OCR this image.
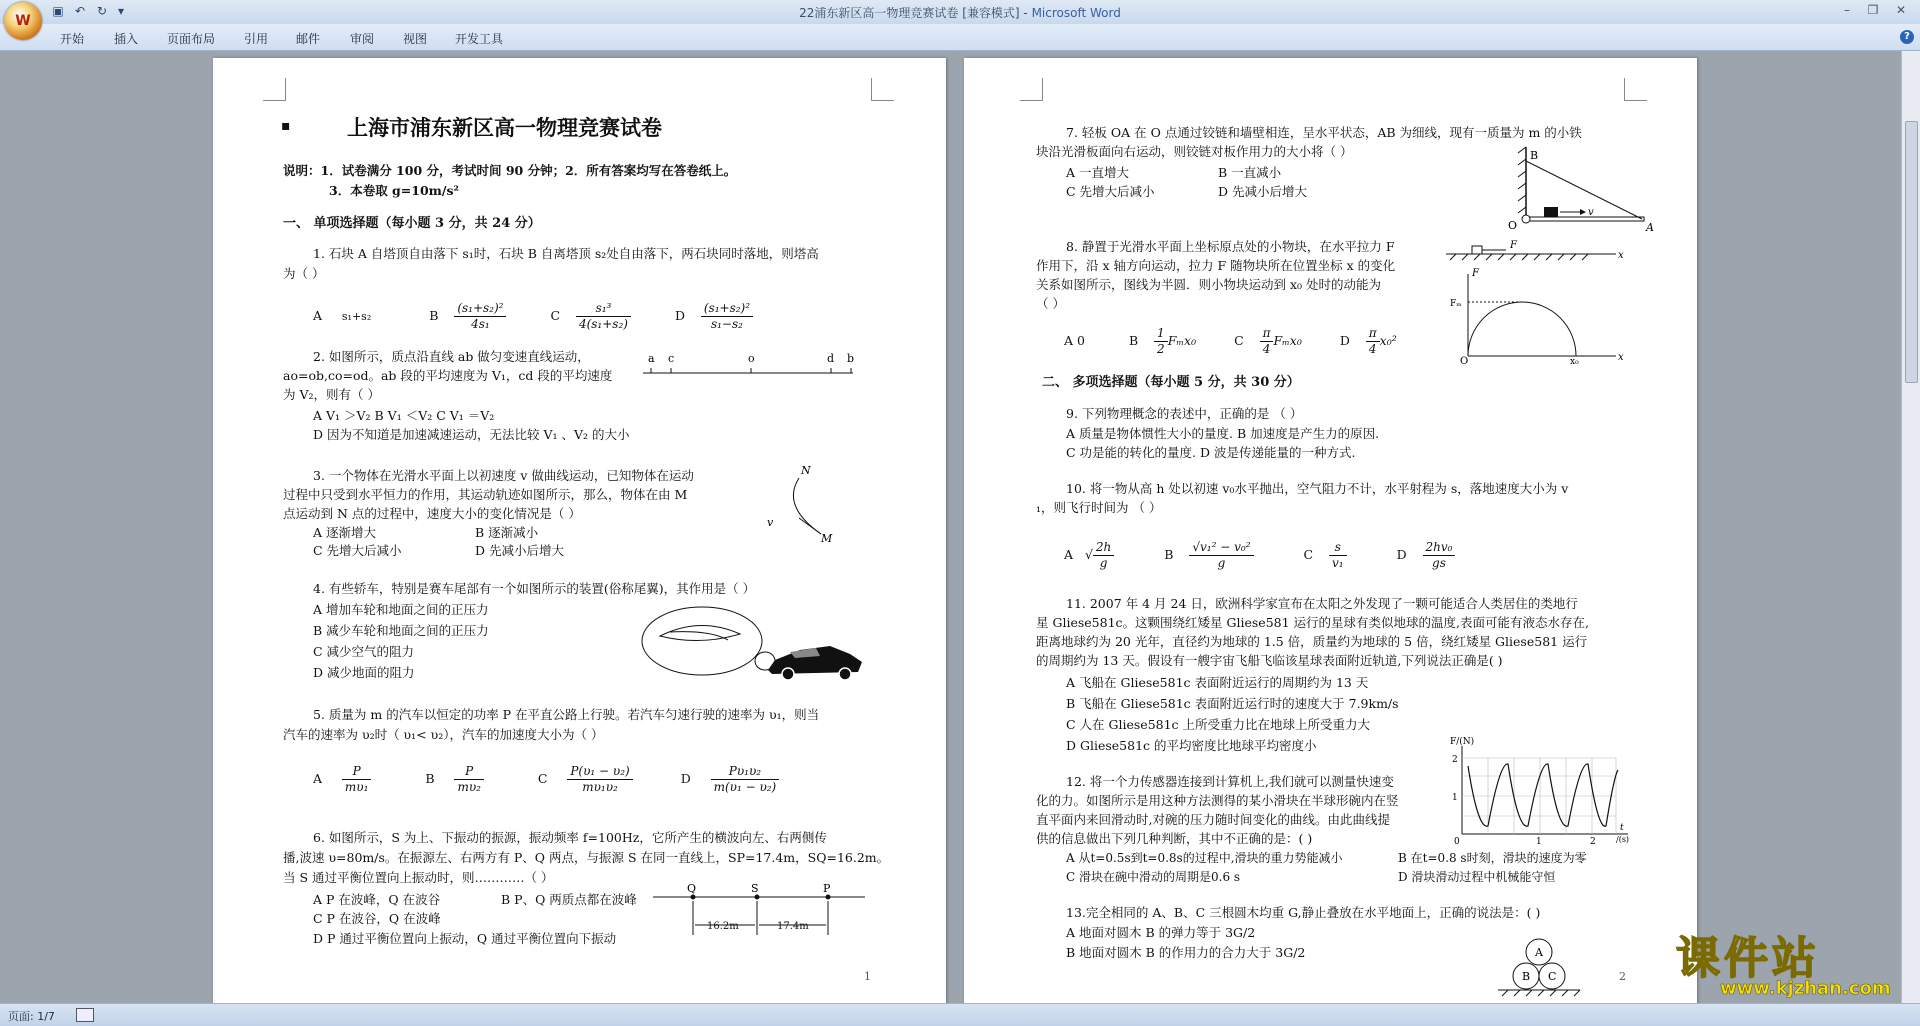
W
▣ ↶ ↻ ▾	22浦东新区高一物理竞赛试卷 [兼容模式] - Microsoft Word	–	❐	✕
开始 插入 页面布局 引用 邮件 审阅 视图 开发工具	?
▪	上海市浦东新区高一物理竞赛试卷
说明：1．试卷满分 100 分，考试时间 90 分钟；2．所有答案均写在答卷纸上。
3．本卷取 g=10m/s²
一、 单项选择题（每小题 3 分，共 24 分）
1. 石块 A 自塔顶自由落下 s₁时，石块 B 自离塔顶 s₂处自由落下，两石块同时落地，则塔高
为（ ）
A s₁+s₂	B $\frac{\text{(s₁+s₂)²}}{\text{4s₁}}$	C $\frac{\text{s₁³}}{\text{4(s₁+s₂)}}$	D $\frac{\text{(s₁+s₂)²}}{\text{s₁−s₂}}$
2. 如图所示，质点沿直线 ab 做匀变速直线运动，
ao=ob,co=od。ab 段的平均速度为 V₁，cd 段的平均速度
为 V₂，则有（ ）
a c	o	d b
A V₁ ＞V₂ B V₁ ＜V₂ C V₁ ＝V₂
D 因为不知道是加速减速运动，无法比较 V₁ 、V₂ 的大小
3. 一个物体在光滑水平面上以初速度 v 做曲线运动，已知物体在运动
过程中只受到水平恒力的作用，其运动轨迹如图所示，那么，物体在由 M
点运动到 N 点的过程中，速度大小的变化情况是（ ）
A 逐渐增大	B 逐渐减小
C 先增大后减小	D 先减小后增大
N
v
M
4. 有些轿车，特别是赛车尾部有一个如图所示的装置(俗称尾翼)，其作用是（ ）
A 增加车轮和地面之间的正压力
B 减少车轮和地面之间的正压力
C 减少空气的阻力
D 减少地面的阻力
5. 质量为 m 的汽车以恒定的功率 P 在平直公路上行驶。若汽车匀速行驶的速率为 υ₁，则当
汽车的速率为 υ₂时（ υ₁< υ₂），汽车的加速度大小为（ ）
A $\frac{P}{\text{mυ₁}}$	B $\frac{P}{\text{mυ₂}}$	C $\frac{\text{P(υ₁ − υ₂)}}{\text{mυ₁υ₂}}$	D $\frac{\text{Pυ₁υ₂}}{\text{m(υ₁ − υ₂)}}$
6. 如图所示，S 为上、下振动的振源，振动频率 f=100Hz，它所产生的横波向左、右两侧传
播,波速 υ=80m/s。在振源左、右两方有 P、Q 两点，与振源 S 在同一直线上，SP=17.4m，SQ=16.2m。
当 S 通过平衡位置向上振动时，则…………（ ）
A P 在波峰，Q 在波谷	B P、Q 两质点都在波峰
C P 在波谷，Q 在波峰
D P 通过平衡位置向上振动，Q 通过平衡位置向下振动
Q	S	P
16.2m	17.4m
1
7. 轻板 OA 在 O 点通过铰链和墙壁相连，呈水平状态，AB 为细线，现有一质量为 m 的小铁
块沿光滑板面向右运动，则铰链对板作用力的大小将（ ）
A 一直增大	B 一直减小
C 先增大后减小	D 先减小后增大
B
O
v
A
8. 静置于光滑水平面上坐标原点处的小物块，在水平拉力 F
作用下，沿 x 轴方向运动，拉力 F 随物块所在位置坐标 x 的变化
关系如图所示，图线为半圆．则小物块运动到 x₀ 处时的动能为
（ ）
A 0	B $\frac{1}{2} F_mx_0$	C $\frac{\pi}{4} F_mx_0$	D $\frac{\pi}{4} x_0^2$
F
x
F
Fₘ
O	x₀	x
二、 多项选择题（每小题 5 分，共 30 分）
9. 下列物理概念的表述中，正确的是 （ ）
A 质量是物体惯性大小的量度. B 加速度是产生力的原因.
C 功是能的转化的量度. D 波是传递能量的一种方式.
10. 将一物从高 h 处以初速 v₀水平抛出，空气阻力不计，水平射程为 s，落地速度大小为 v
₁，则飞行时间为 （ ）
A   √ $\frac{2h}{g}$	B $\frac{\text{√v₁² − v₀²}}{g}$	C $\frac{s}{\text{v₁}}$	D $\frac{\text{2hv₀}}{gs}$
11. 2007 年 4 月 24 日，欧洲科学家宣布在太阳之外发现了一颗可能适合人类居住的类地行
星 Gliese581c。这颗围绕红矮星 Gliese581 运行的星球有类似地球的温度,表面可能有液态水存在,
距离地球约为 20 光年，直径约为地球的 1.5 倍，质量约为地球的 5 倍，绕红矮星 Gliese581 运行
的周期约为 13 天。假设有一艘宇宙飞船飞临该星球表面附近轨道,下列说法正确是( )
A 飞船在 Gliese581c 表面附近运行的周期约为 13 天
B 飞船在 Gliese581c 表面附近运行时的速度大于 7.9km/s
C 人在 Gliese581c 上所受重力比在地球上所受重力大
D Gliese581c 的平均密度比地球平均密度小
12. 将一个力传感器连接到计算机上,我们就可以测量快速变
化的力。如图所示是用这种方法测得的某小滑块在半球形碗内在竖
直平面内来回滑动时,对碗的压力随时间变化的曲线。由此曲线提
供的信息做出下列几种判断，其中不正确的是：( )
A 从t=0.5s到t=0.8s的过程中,滑块的重力势能减小	B 在t=0.8 s时刻，滑块的速度为零
C 滑块在碗中滑动的周期是0.6 s	D 滑块滑动过程中机械能守恒
F/(N)
2
1
0	1	2
t
/(s)
13.完全相同的 A、B、C 三根圆木均重 G,静止叠放在水平地面上，正确的说法是：( )
A 地面对圆木 B 的弹力等于 3G/2
B 地面对圆木 B 的作用力的合力大于 3G/2	A
B C	2 课件站
www.kjzhan.com
页面: 1/7
